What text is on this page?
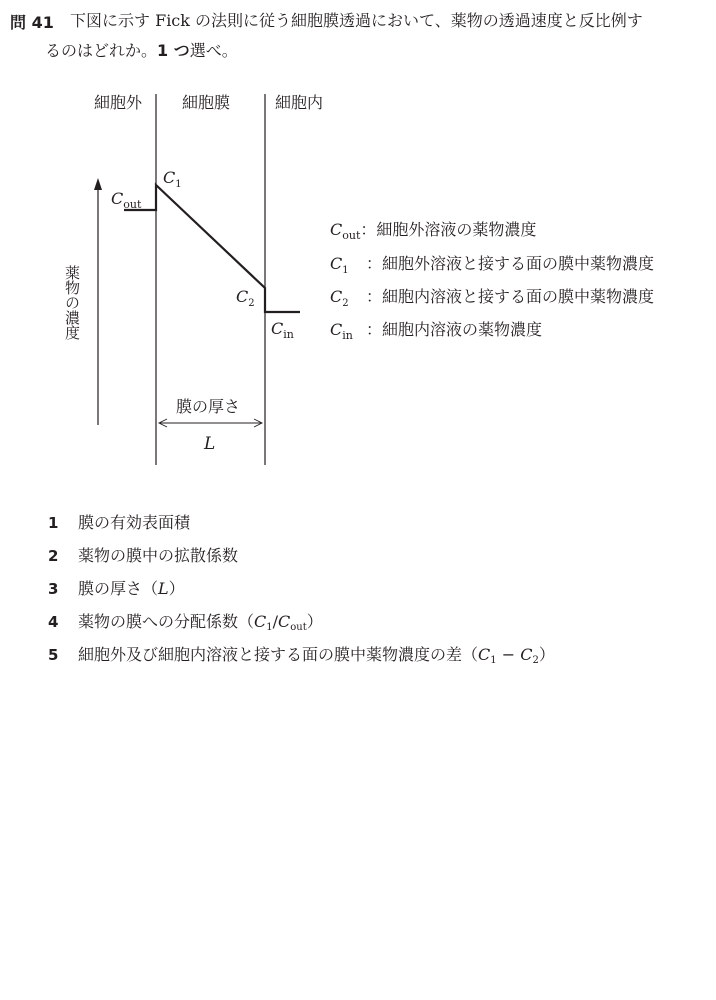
問 41 下図に示す Fick の法則に従う細胞膜透過において、薬物の透過速度と反比例す
るのはどれか。1 つ選べ。
細胞外 細胞膜	細胞内
薬物の濃度
$C_{out}$
$C_1$
$C_2$
$C_{in}$
膜の厚さ
L
$C_{out}$：細胞外溶液の薬物濃度
$C_1$ ：細胞外溶液と接する面の膜中薬物濃度
$C_2$ ：細胞内溶液と接する面の膜中薬物濃度
$C_{in}$ ：細胞内溶液の薬物濃度
1 膜の有効表面積
2 薬物の膜中の拡散係数
3 膜の厚さ（L）
4 薬物の膜への分配係数$(C_1/C_{out})$
5 細胞外及び細胞内溶液と接する面の膜中薬物濃度の差$(C_1 - C_2)$
